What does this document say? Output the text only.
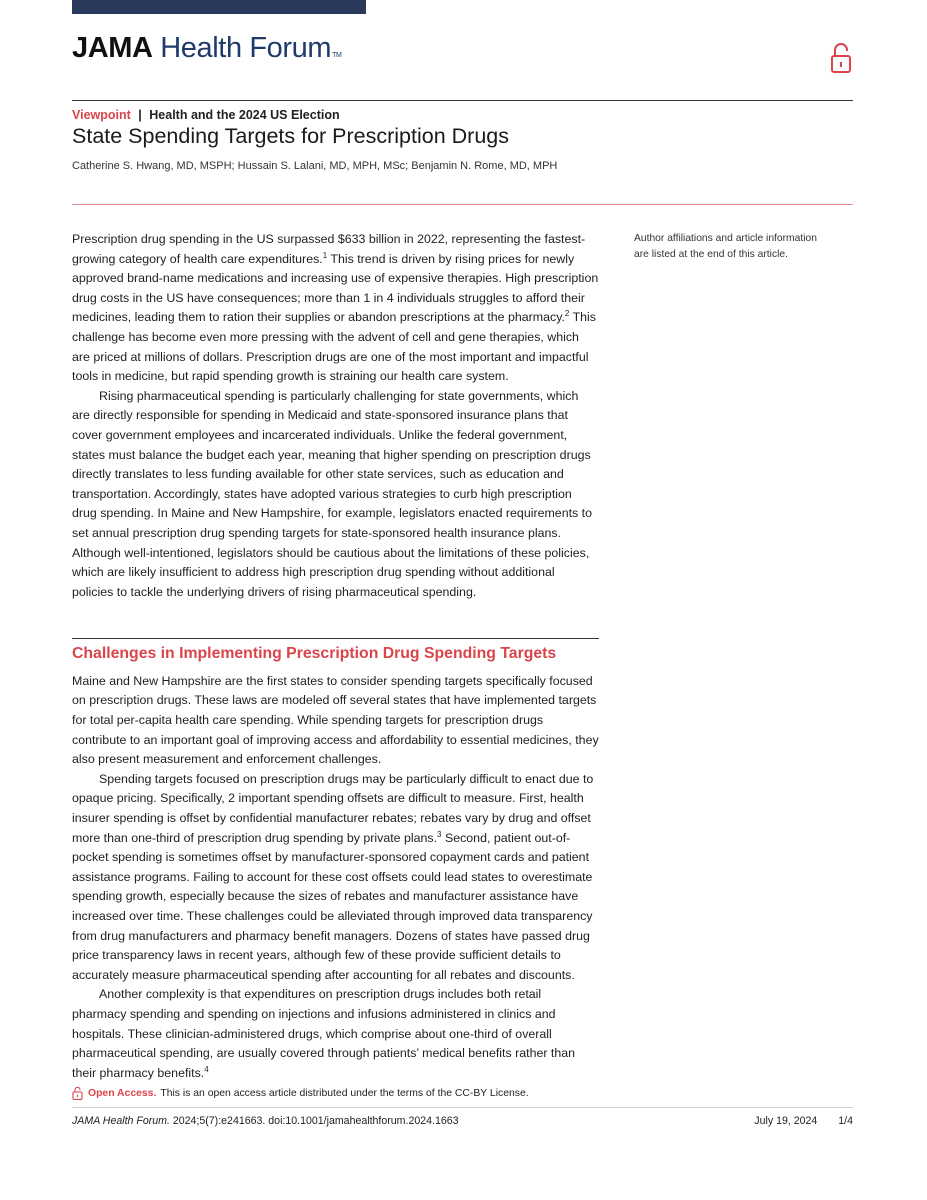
JAMA Health ForumTM
Viewpoint | Health and the 2024 US Election
State Spending Targets for Prescription Drugs
Catherine S. Hwang, MD, MSPH; Hussain S. Lalani, MD, MPH, MSc; Benjamin N. Rome, MD, MPH

Prescription drug spending in the US surpassed $633 billion in 2022, representing the fastest-growing category of health care expenditures.$^1$ This trend is driven by rising prices for newly approved brand-name medications and increasing use of expensive therapies. High prescription drug costs in the US have consequences; more than 1 in 4 individuals struggles to afford their medicines, leading them to ration their supplies or abandon prescriptions at the pharmacy.$^2$ This challenge has become even more pressing with the advent of cell and gene therapies, which are priced at millions of dollars. Prescription drugs are one of the most important and impactful tools in medicine, but rapid spending growth is straining our health care system.

Rising pharmaceutical spending is particularly challenging for state governments, which are directly responsible for spending in Medicaid and state-sponsored insurance plans that cover government employees and incarcerated individuals. Unlike the federal government, states must balance the budget each year, meaning that higher spending on prescription drugs directly translates to less funding available for other state services, such as education and transportation. Accordingly, states have adopted various strategies to curb high prescription drug spending. In Maine and New Hampshire, for example, legislators enacted requirements to set annual prescription drug spending targets for state-sponsored health insurance plans. Although well-intentioned, legislators should be cautious about the limitations of these policies, which are likely insufficient to address high prescription drug spending without additional policies to tackle the underlying drivers of rising pharmaceutical spending.

Challenges in Implementing Prescription Drug Spending Targets

Maine and New Hampshire are the first states to consider spending targets specifically focused on prescription drugs. These laws are modeled off several states that have implemented targets for total per-capita health care spending. While spending targets for prescription drugs contribute to an important goal of improving access and affordability to essential medicines, they also present measurement and enforcement challenges.

Spending targets focused on prescription drugs may be particularly difficult to enact due to opaque pricing. Specifically, 2 important spending offsets are difficult to measure. First, health insurer spending is offset by confidential manufacturer rebates; rebates vary by drug and offset more than one-third of prescription drug spending by private plans.$^3$ Second, patient out-of-pocket spending is sometimes offset by manufacturer-sponsored copayment cards and patient assistance programs. Failing to account for these cost offsets could lead states to overestimate spending growth, especially because the sizes of rebates and manufacturer assistance have increased over time. These challenges could be alleviated through improved data transparency from drug manufacturers and pharmacy benefit managers. Dozens of states have passed drug price transparency laws in recent years, although few of these provide sufficient details to accurately measure pharmaceutical spending after accounting for all rebates and discounts.

Another complexity is that expenditures on prescription drugs includes both retail pharmacy spending and spending on injections and infusions administered in clinics and hospitals. These clinician-administered drugs, which comprise about one-third of overall pharmaceutical spending, are usually covered through patients’ medical benefits rather than their pharmacy benefits.$^4$

Author affiliations and article information are listed at the end of this article.
Open Access. This is an open access article distributed under the terms of the CC-BY License.
JAMA Health Forum. 2024;5(7):e241663. doi:10.1001/jamahealthforum.2024.1663	July 19, 2024 1/4
